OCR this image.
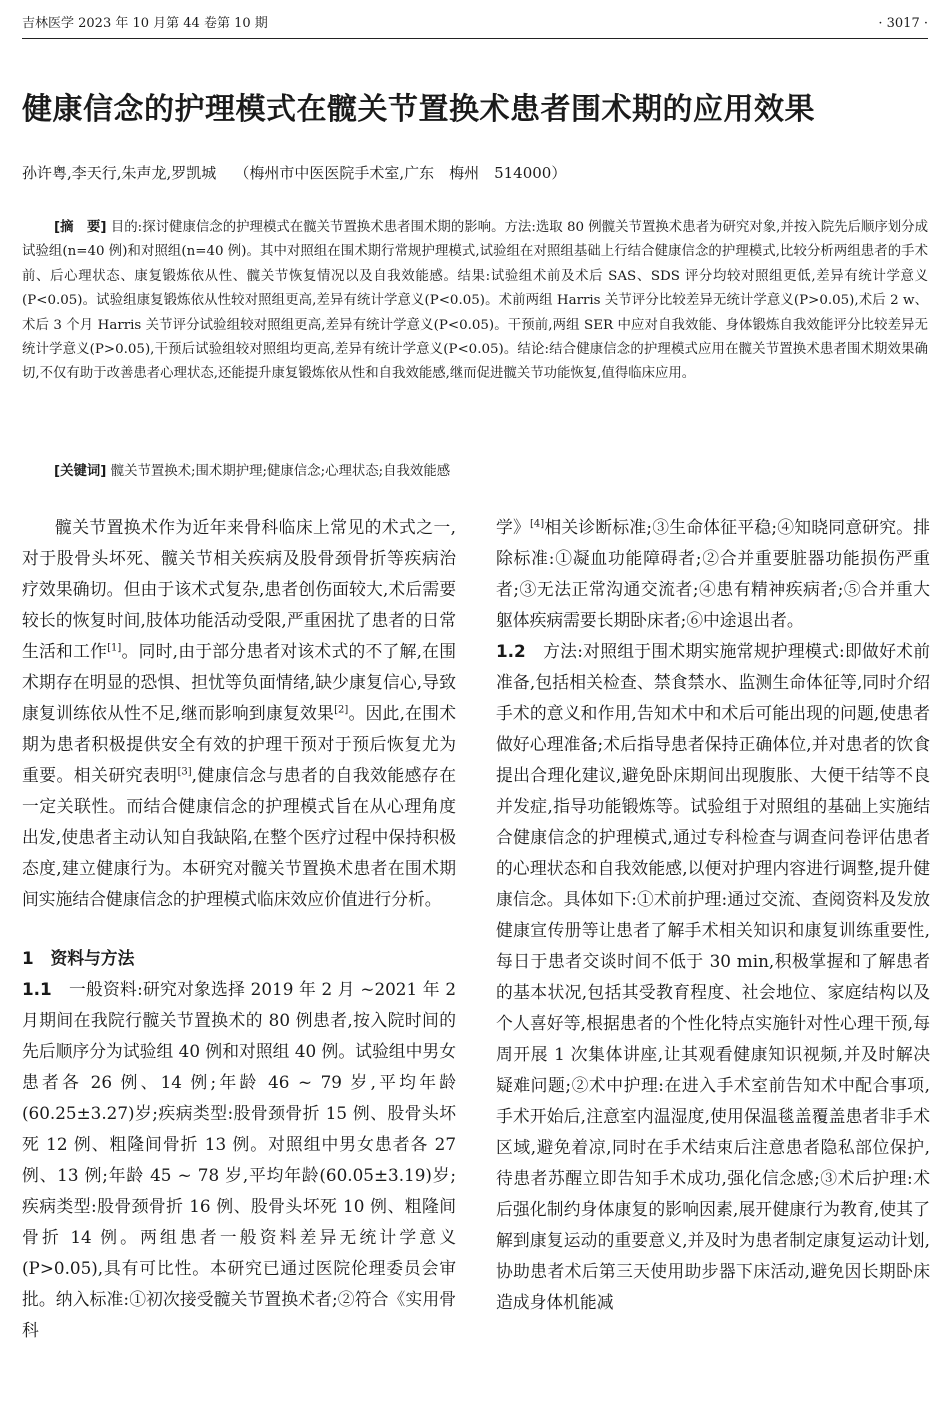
吉林医学 2023 年 10 月第 44 卷第 10 期	· 3017 ·
健康信念的护理模式在髋关节置换术患者围术期的应用效果
孙许粤,李天行,朱声龙,罗凯城 （梅州市中医医院手术室,广东　梅州　514000）
[摘　要] 目的:探讨健康信念的护理模式在髋关节置换术患者围术期的影响。方法:选取 80 例髋关节置换术患者为研究对象,并按入院先后顺序划分成试验组(n=40 例)和对照组(n=40 例)。其中对照组在围术期行常规护理模式,试验组在对照组基础上行结合健康信念的护理模式,比较分析两组患者的手术前、后心理状态、康复锻炼依从性、髋关节恢复情况以及自我效能感。结果:试验组术前及术后 SAS、SDS 评分均较对照组更低,差异有统计学意义(P<0.05)。试验组康复锻炼依从性较对照组更高,差异有统计学意义(P<0.05)。术前两组 Harris 关节评分比较差异无统计学意义(P>0.05),术后 2 w、术后 3 个月 Harris 关节评分试验组较对照组更高,差异有统计学意义(P<0.05)。干预前,两组 SER 中应对自我效能、身体锻炼自我效能评分比较差异无统计学意义(P>0.05),干预后试验组较对照组均更高,差异有统计学意义(P<0.05)。结论:结合健康信念的护理模式应用在髋关节置换术患者围术期效果确切,不仅有助于改善患者心理状态,还能提升康复锻炼依从性和自我效能感,继而促进髋关节功能恢复,值得临床应用。
[关键词] 髋关节置换术;围术期护理;健康信念;心理状态;自我效能感

髋关节置换术作为近年来骨科临床上常见的术式之一,对于股骨头坏死、髋关节相关疾病及股骨颈骨折等疾病治疗效果确切。但由于该术式复杂,患者创伤面较大,术后需要较长的恢复时间,肢体功能活动受限,严重困扰了患者的日常生活和工作[1]。同时,由于部分患者对该术式的不了解,在围术期存在明显的恐惧、担忧等负面情绪,缺少康复信心,导致康复训练依从性不足,继而影响到康复效果[2]。因此,在围术期为患者积极提供安全有效的护理干预对于预后恢复尤为重要。相关研究表明[3],健康信念与患者的自我效能感存在一定关联性。而结合健康信念的护理模式旨在从心理角度出发,使患者主动认知自我缺陷,在整个医疗过程中保持积极态度,建立健康行为。本研究对髋关节置换术患者在围术期间实施结合健康信念的护理模式临床效应价值进行分析。

1　资料与方法

1.1　一般资料:研究对象选择 2019 年 2 月 ~2021 年 2 月期间在我院行髋关节置换术的 80 例患者,按入院时间的先后顺序分为试验组 40 例和对照组 40 例。试验组中男女患者各 26 例、14 例;年龄 46 ~ 79 岁,平均年龄(60.25±3.27)岁;疾病类型:股骨颈骨折 15 例、股骨头坏死 12 例、粗隆间骨折 13 例。对照组中男女患者各 27 例、13 例;年龄 45 ~ 78 岁,平均年龄(60.05±3.19)岁;疾病类型:股骨颈骨折 16 例、股骨头坏死 10 例、粗隆间骨折 14 例。两组患者一般资料差异无统计学意义(P>0.05),具有可比性。本研究已通过医院伦理委员会审批。纳入标准:①初次接受髋关节置换术者;②符合《实用骨科

学》[4]相关诊断标准;③生命体征平稳;④知晓同意研究。排除标准:①凝血功能障碍者;②合并重要脏器功能损伤严重者;③无法正常沟通交流者;④患有精神疾病者;⑤合并重大躯体疾病需要长期卧床者;⑥中途退出者。

1.2　方法:对照组于围术期实施常规护理模式:即做好术前准备,包括相关检查、禁食禁水、监测生命体征等,同时介绍手术的意义和作用,告知术中和术后可能出现的问题,使患者做好心理准备;术后指导患者保持正确体位,并对患者的饮食提出合理化建议,避免卧床期间出现腹胀、大便干结等不良并发症,指导功能锻炼等。试验组于对照组的基础上实施结合健康信念的护理模式,通过专科检查与调查问卷评估患者的心理状态和自我效能感,以便对护理内容进行调整,提升健康信念。具体如下:①术前护理:通过交流、查阅资料及发放健康宣传册等让患者了解手术相关知识和康复训练重要性,每日于患者交谈时间不低于 30 min,积极掌握和了解患者的基本状况,包括其受教育程度、社会地位、家庭结构以及个人喜好等,根据患者的个性化特点实施针对性心理干预,每周开展 1 次集体讲座,让其观看健康知识视频,并及时解决疑难问题;②术中护理:在进入手术室前告知术中配合事项,手术开始后,注意室内温湿度,使用保温毯盖覆盖患者非手术区域,避免着凉,同时在手术结束后注意患者隐私部位保护,待患者苏醒立即告知手术成功,强化信念感;③术后护理:术后强化制约身体康复的影响因素,展开健康行为教育,使其了解到康复运动的重要意义,并及时为患者制定康复运动计划,协助患者术后第三天使用助步器下床活动,避免因长期卧床造成身体机能减
